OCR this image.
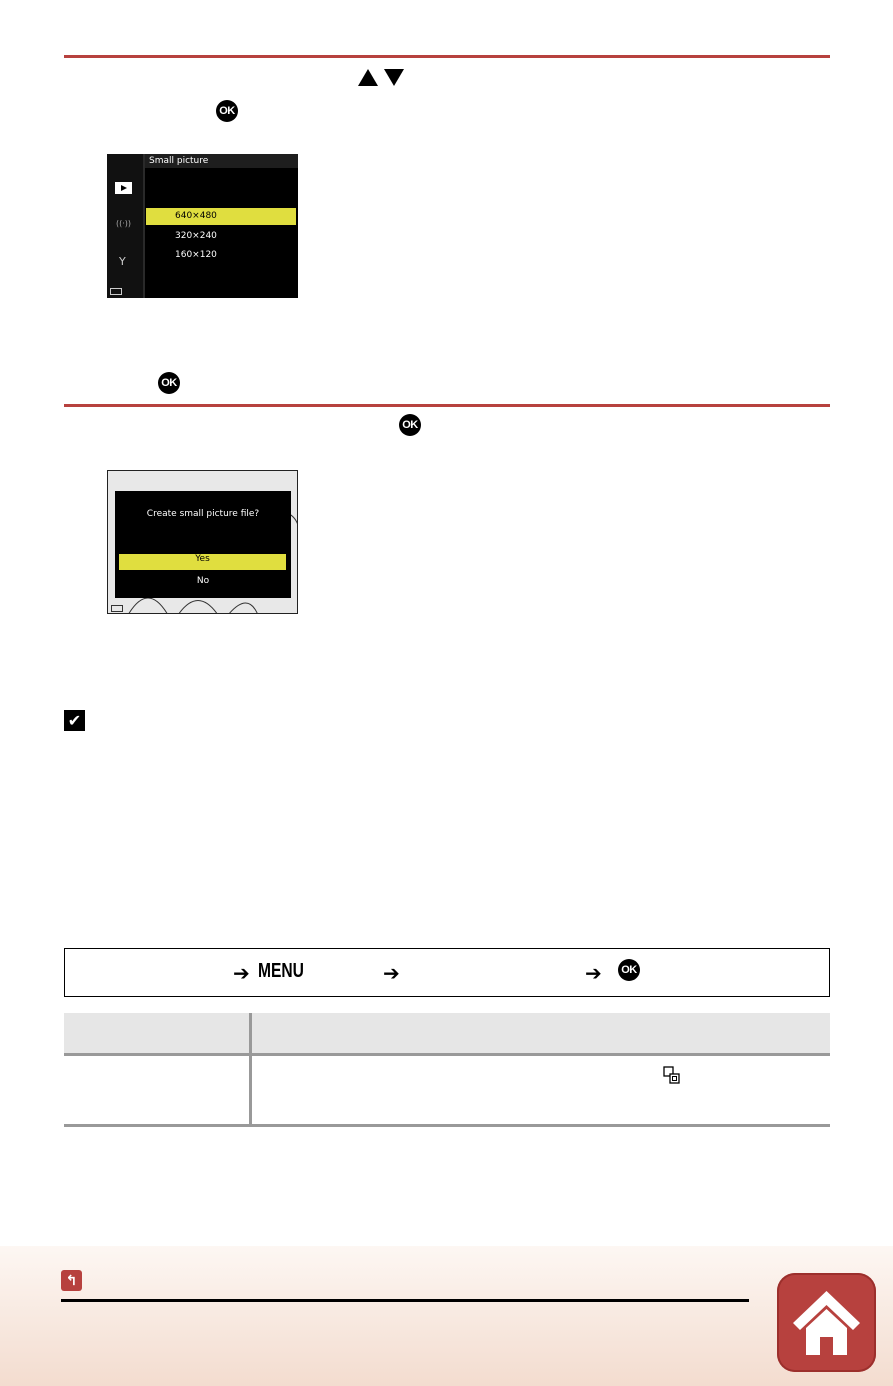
OK
((·))
Y
Small picture
640×480
320×240
160×120
OK
OK
Create small picture file?
Yes
No
✔
➔ MENU	➔	➔ OK
↰
